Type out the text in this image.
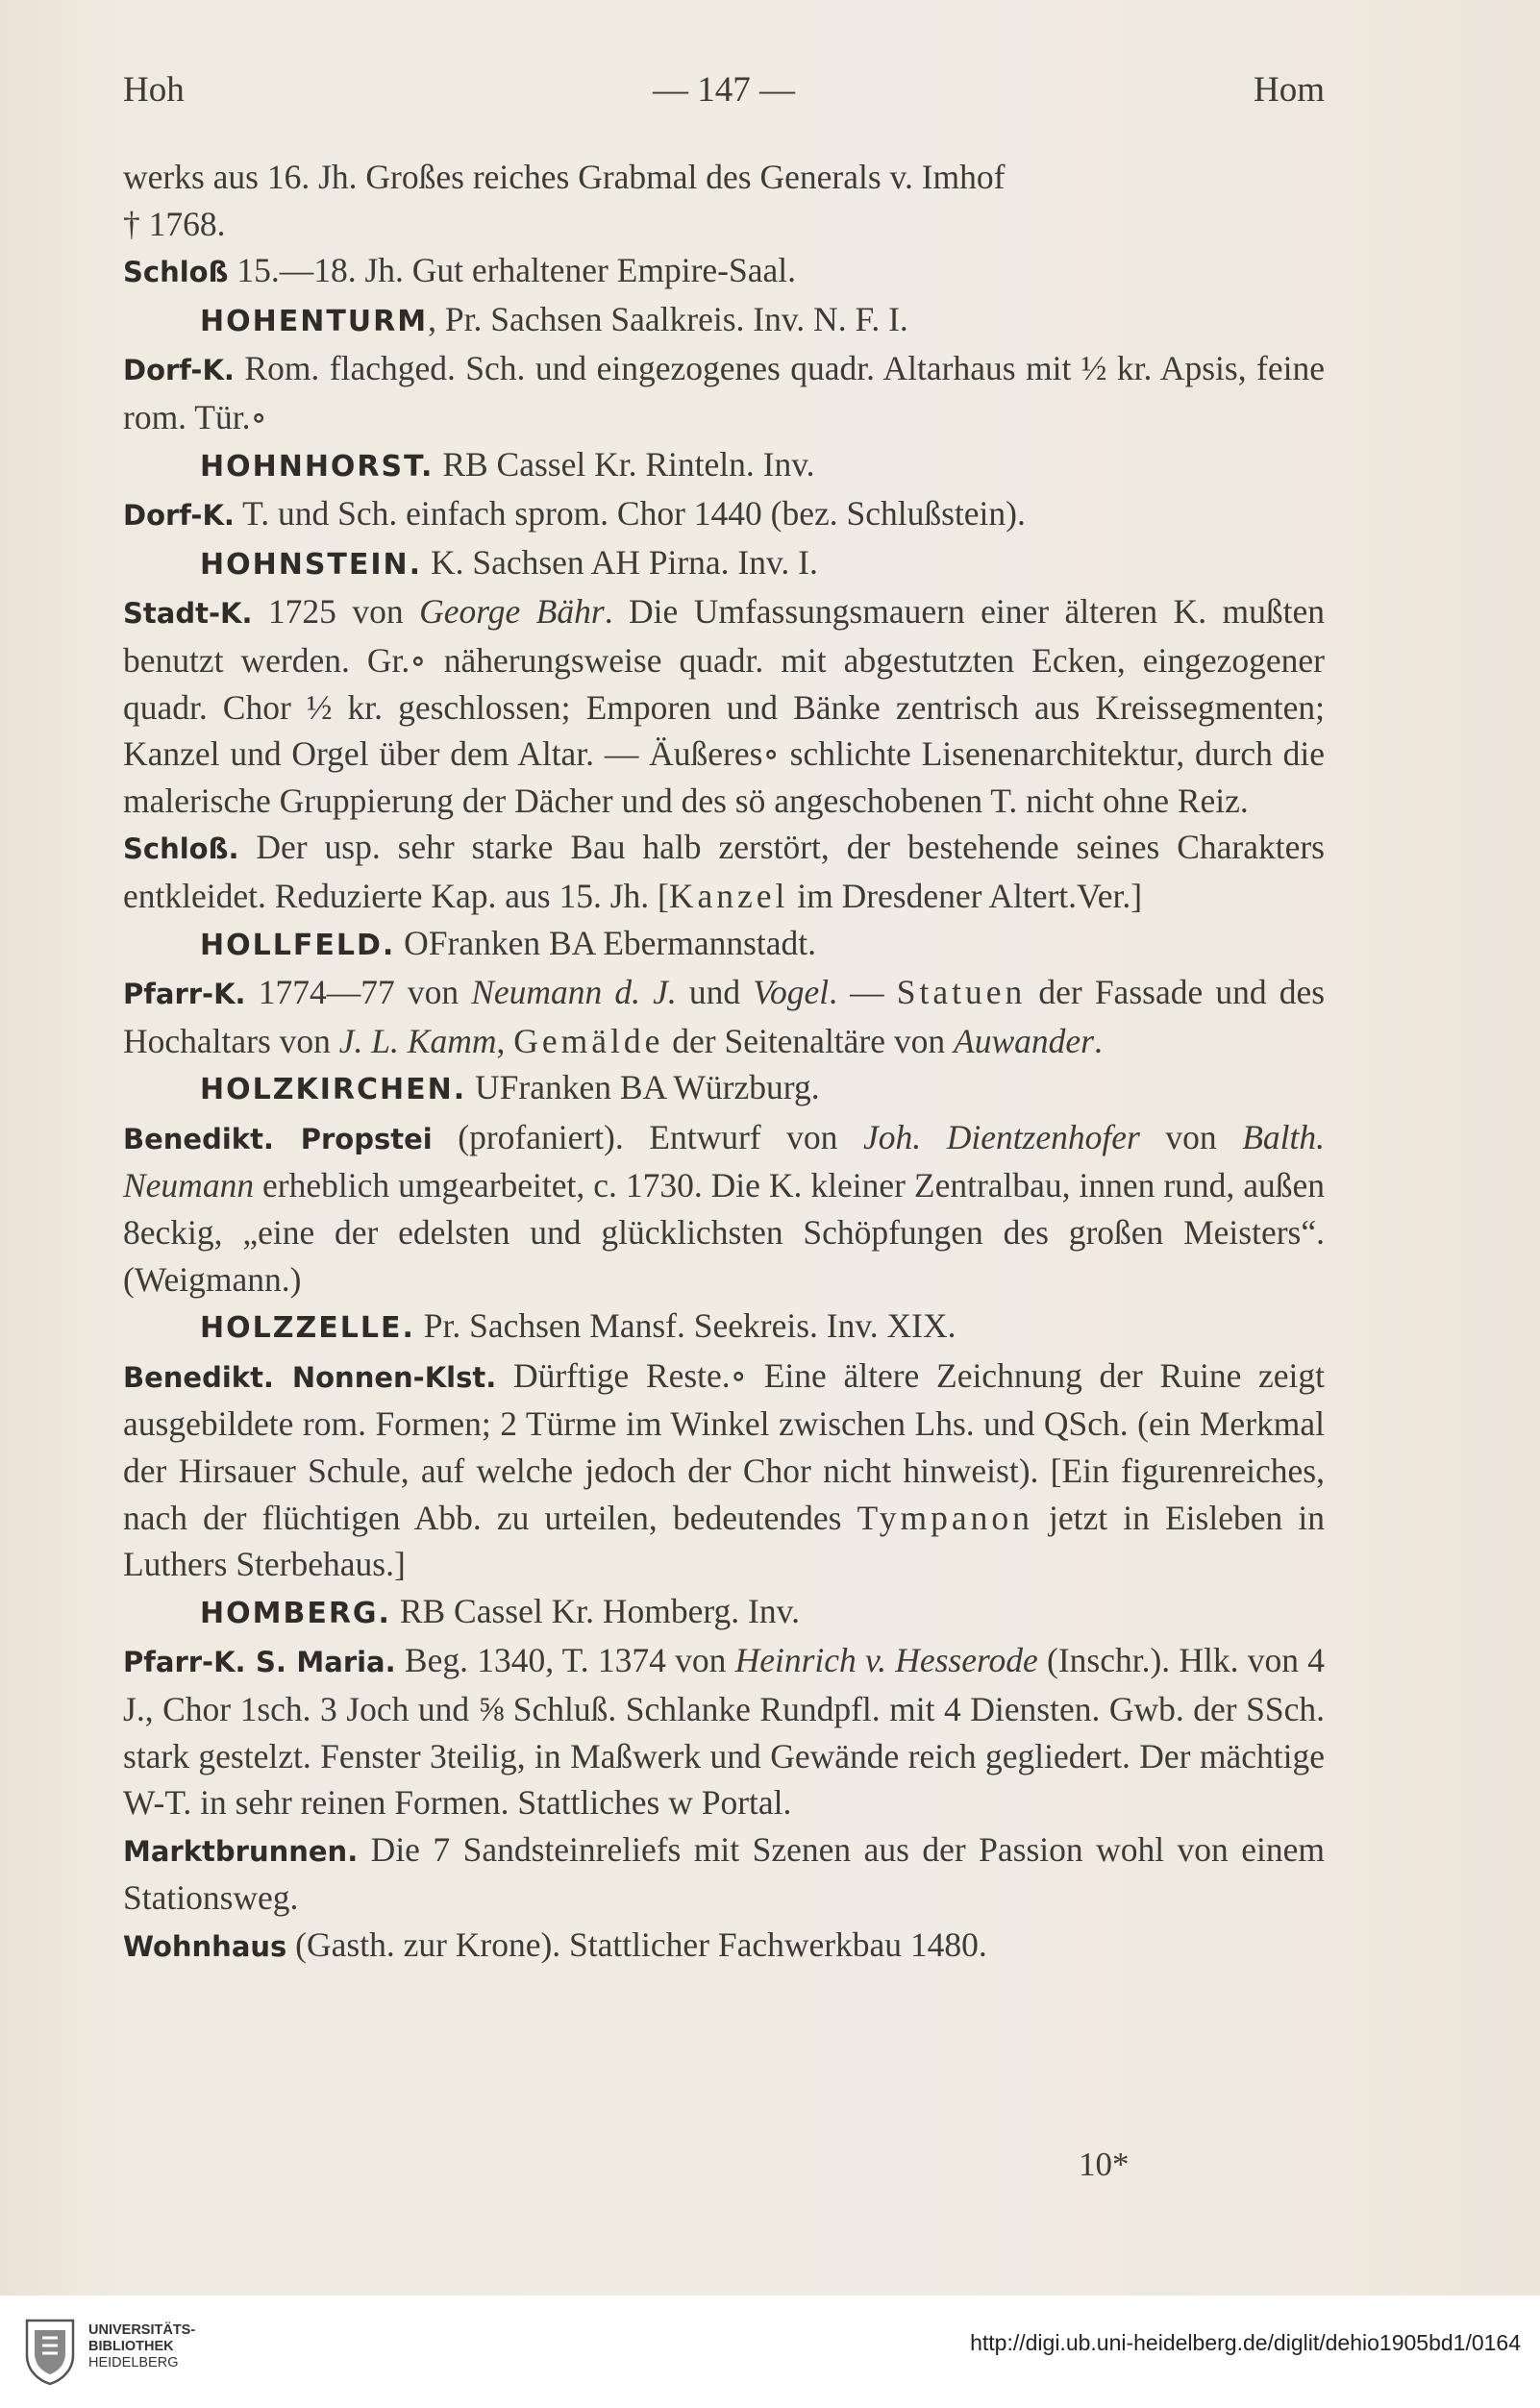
Hoh	— 147 —	Hom

werks aus 16. Jh. Großes reiches Grabmal des Generals v. Imhof
† 1768.

Schloß 15.—18. Jh. Gut erhaltener Empire-Saal.

HOHENTURM, Pr. Sachsen Saalkreis. Inv. N. F. I.

Dorf-K. Rom. flachged. Sch. und eingezogenes quadr. Altarhaus mit ½ kr. Apsis, feine rom. Tür.∘

HOHNHORST. RB Cassel Kr. Rinteln. Inv.

Dorf-K. T. und Sch. einfach sprom. Chor 1440 (bez. Schlußstein).

HOHNSTEIN. K. Sachsen AH Pirna. Inv. I.

Stadt-K. 1725 von George Bähr. Die Umfassungsmauern einer älteren K. mußten benutzt werden. Gr.∘ näherungsweise quadr. mit abgestutzten Ecken, eingezogener quadr. Chor ½ kr. geschlossen; Emporen und Bänke zentrisch aus Kreissegmenten; Kanzel und Orgel über dem Altar. — Äußeres∘ schlichte Lisenenarchitektur, durch die malerische Gruppierung der Dächer und des sö angeschobenen T. nicht ohne Reiz.

Schloß. Der usp. sehr starke Bau halb zerstört, der bestehende seines Charakters entkleidet. Reduzierte Kap. aus 15. Jh. [Kanzel im Dresdener Altert.Ver.]

HOLLFELD. OFranken BA Ebermannstadt.

Pfarr-K. 1774—77 von Neumann d. J. und Vogel. — Statuen der Fassade und des Hochaltars von J. L. Kamm, Gemälde der Seitenaltäre von Auwander.

HOLZKIRCHEN. UFranken BA Würzburg.

Benedikt. Propstei (profaniert). Entwurf von Joh. Dientzenhofer von Balth. Neumann erheblich umgearbeitet, c. 1730. Die K. kleiner Zentralbau, innen rund, außen 8eckig, „eine der edelsten und glücklichsten Schöpfungen des großen Meisters“. (Weigmann.)

HOLZZELLE. Pr. Sachsen Mansf. Seekreis. Inv. XIX.

Benedikt. Nonnen-Klst. Dürftige Reste.∘ Eine ältere Zeichnung der Ruine zeigt ausgebildete rom. Formen; 2 Türme im Winkel zwischen Lhs. und QSch. (ein Merkmal der Hirsauer Schule, auf welche jedoch der Chor nicht hinweist). [Ein figurenreiches, nach der flüchtigen Abb. zu urteilen, bedeutendes Tympanon jetzt in Eisleben in Luthers Sterbehaus.]

HOMBERG. RB Cassel Kr. Homberg. Inv.

Pfarr-K. S. Maria. Beg. 1340, T. 1374 von Heinrich v. Hesserode (Inschr.). Hlk. von 4 J., Chor 1sch. 3 Joch und ⅝ Schluß. Schlanke Rundpfl. mit 4 Diensten. Gwb. der SSch. stark gestelzt. Fenster 3teilig, in Maßwerk und Gewände reich gegliedert. Der mächtige W-T. in sehr reinen Formen. Stattliches w Portal.

Marktbrunnen. Die 7 Sandsteinreliefs mit Szenen aus der Passion wohl von einem Stationsweg.

Wohnhaus (Gasth. zur Krone). Stattlicher Fachwerkbau 1480.

10*
UNIVERSITÄTS-
BIBLIOTHEK
HEIDELBERG
http://digi.ub.uni-heidelberg.de/diglit/dehio1905bd1/0164
